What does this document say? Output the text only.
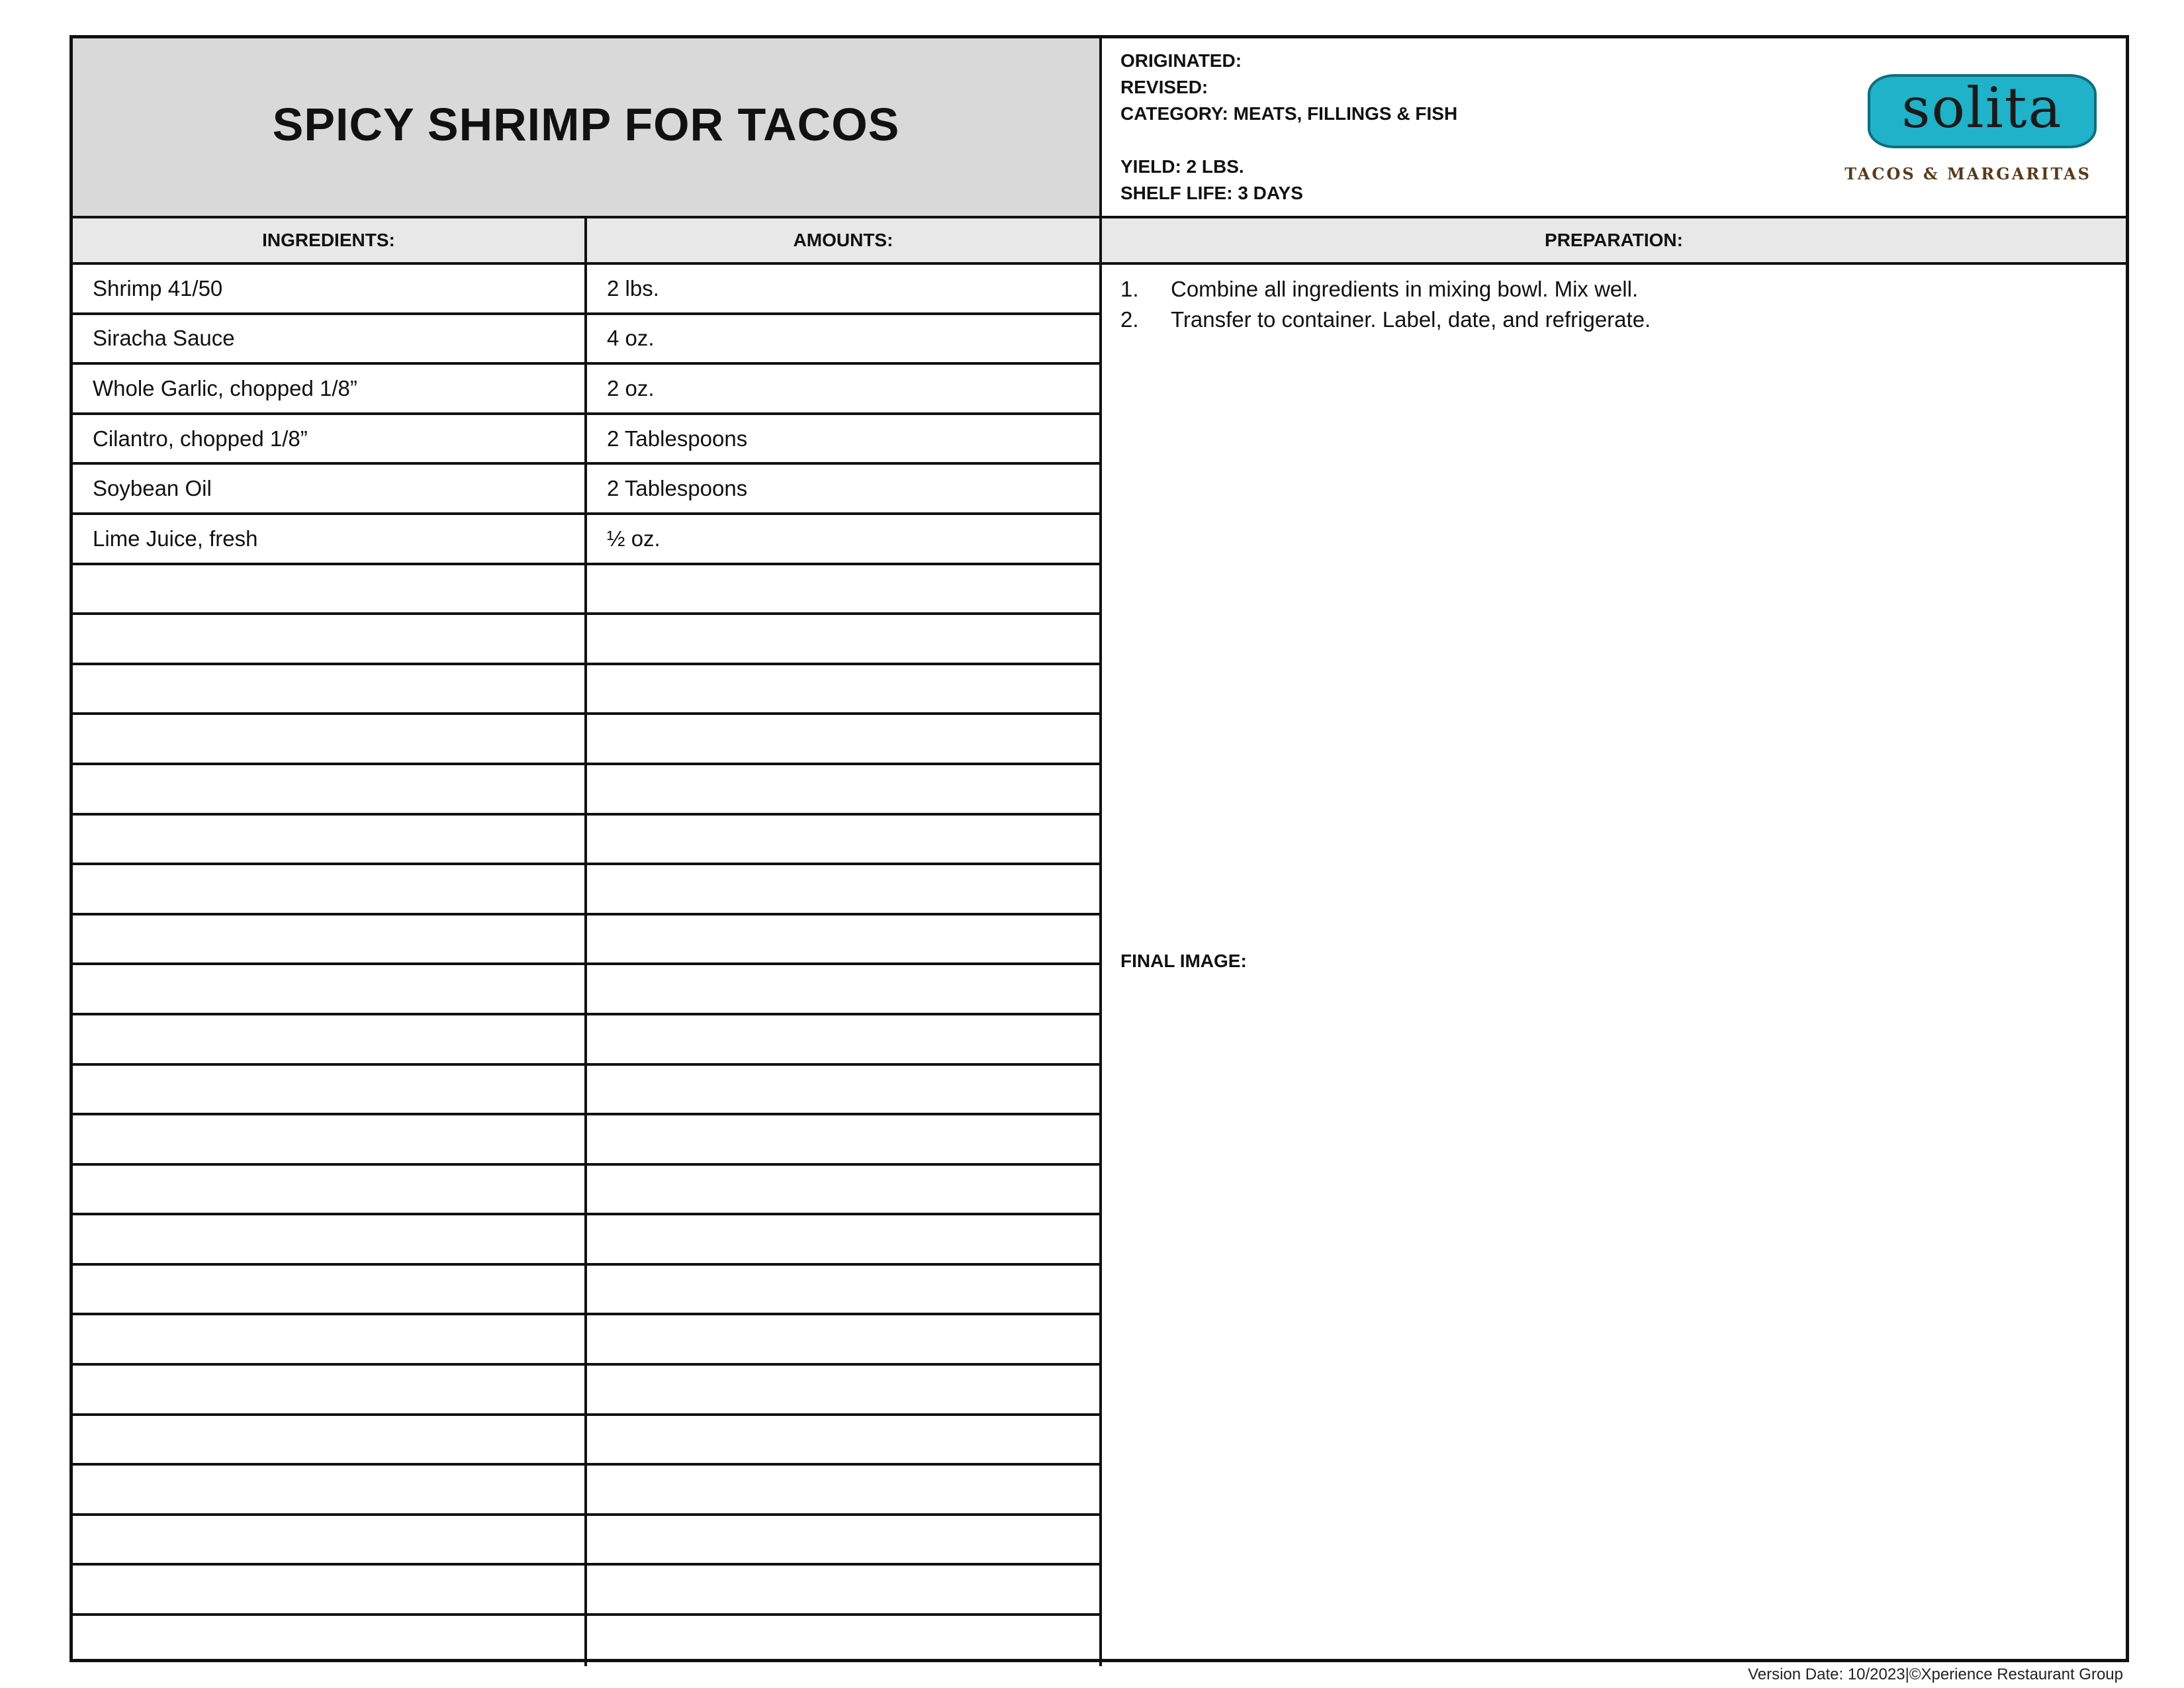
SPICY SHRIMP FOR TACOS
ORIGINATED:
REVISED:
CATEGORY: MEATS, FILLINGS & FISH
YIELD: 2 LBS.
SHELF LIFE: 3 DAYS
solita
TACOS & MARGARITAS
INGREDIENTS:	AMOUNTS:	PREPARATION:
Shrimp 41/50	2 lbs.
Siracha Sauce	4 oz.
Whole Garlic, chopped 1/8”	2 oz.
Cilantro, chopped 1/8”	2 Tablespoons
Soybean Oil	2 Tablespoons
Lime Juice, fresh	½ oz.
1.	Combine all ingredients in mixing bowl. Mix well.
2.	Transfer to container. Label, date, and refrigerate.
FINAL IMAGE:
Version Date: 10/2023|©Xperience Restaurant Group
